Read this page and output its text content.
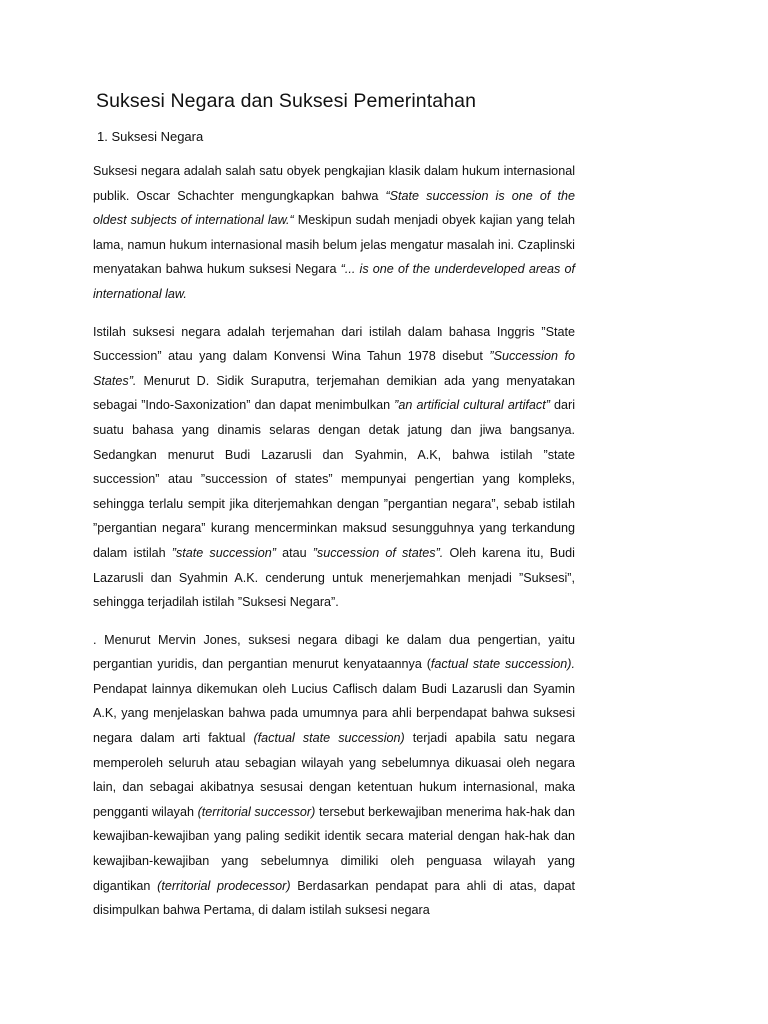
Suksesi Negara dan Suksesi Pemerintahan
1. Suksesi Negara

Suksesi negara adalah salah satu obyek pengkajian klasik dalam hukum internasional publik. Oscar Schachter mengungkapkan bahwa “State succession is one of the oldest subjects of international law.“ Meskipun sudah menjadi obyek kajian yang telah lama, namun hukum internasional masih belum jelas mengatur masalah ini. Czaplinski menyatakan bahwa hukum suksesi Negara “... is one of the underdeveloped areas of international law.

Istilah suksesi negara adalah terjemahan dari istilah dalam bahasa Inggris ”State Succession” atau yang dalam Konvensi Wina Tahun 1978 disebut ”Succession fo States”. Menurut D. Sidik Suraputra, terjemahan demikian ada yang menyatakan sebagai ”Indo-Saxonization” dan dapat menimbulkan ”an artificial cultural artifact” dari suatu bahasa yang dinamis selaras dengan detak jatung dan jiwa bangsanya. Sedangkan menurut Budi Lazarusli dan Syahmin, A.K, bahwa istilah ”state succession” atau ”succession of states” mempunyai pengertian yang kompleks, sehingga terlalu sempit jika diterjemahkan dengan ”pergantian negara”, sebab istilah ”pergantian negara” kurang mencerminkan maksud sesungguhnya yang terkandung dalam istilah ”state succession” atau ”succession of states”. Oleh karena itu, Budi Lazarusli dan Syahmin A.K. cenderung untuk menerjemahkan menjadi ”Suksesi”, sehingga terjadilah istilah ”Suksesi Negara”.

. Menurut Mervin Jones, suksesi negara dibagi ke dalam dua pengertian, yaitu pergantian yuridis, dan pergantian menurut kenyataannya (factual state succession). Pendapat lainnya dikemukan oleh Lucius Caflisch dalam Budi Lazarusli dan Syamin A.K, yang menjelaskan bahwa pada umumnya para ahli berpendapat bahwa suksesi negara dalam arti faktual (factual state succession) terjadi apabila satu negara memperoleh seluruh atau sebagian wilayah yang sebelumnya dikuasai oleh negara lain, dan sebagai akibatnya sesusai dengan ketentuan hukum internasional, maka pengganti wilayah (territorial successor) tersebut berkewajiban menerima hak-hak dan kewajiban-kewajiban yang paling sedikit identik secara material dengan hak-hak dan kewajiban-kewajiban yang sebelumnya dimiliki oleh penguasa wilayah yang digantikan (territorial prodecessor) Berdasarkan pendapat para ahli di atas, dapat disimpulkan bahwa Pertama, di dalam istilah suksesi negara
